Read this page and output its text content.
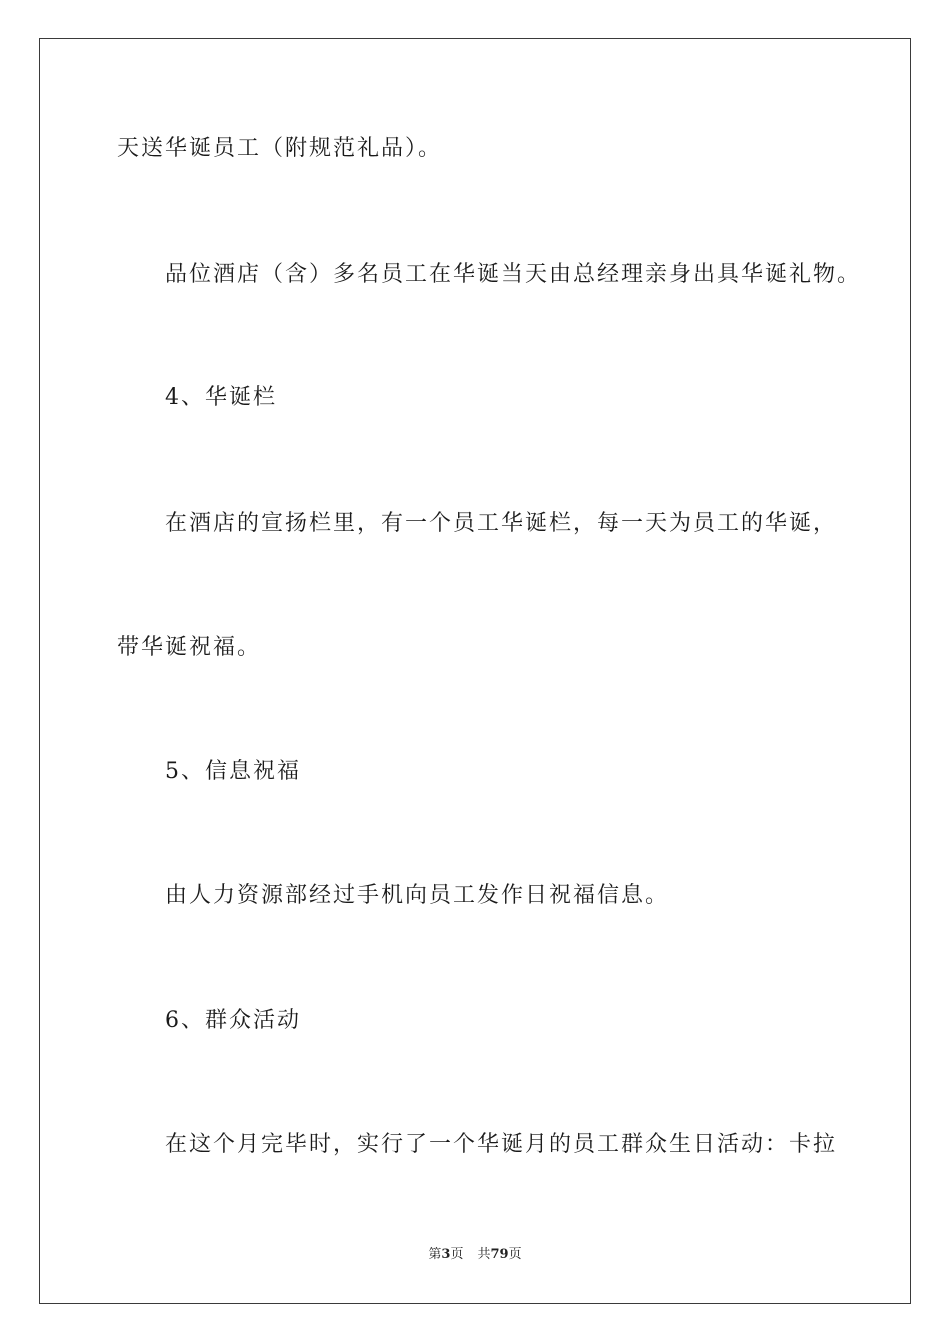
天送华诞员工（附规范礼品）。
品位酒店（含）多名员工在华诞当天由总经理亲身出具华诞礼物。
4、华诞栏
在酒店的宣扬栏里，有一个员工华诞栏，每一天为员工的华诞，
带华诞祝福。
5、信息祝福
由人力资源部经过手机向员工发作日祝福信息。
6、群众活动
在这个月完毕时，实行了一个华诞月的员工群众生日活动：卡拉
第3页 共79页
